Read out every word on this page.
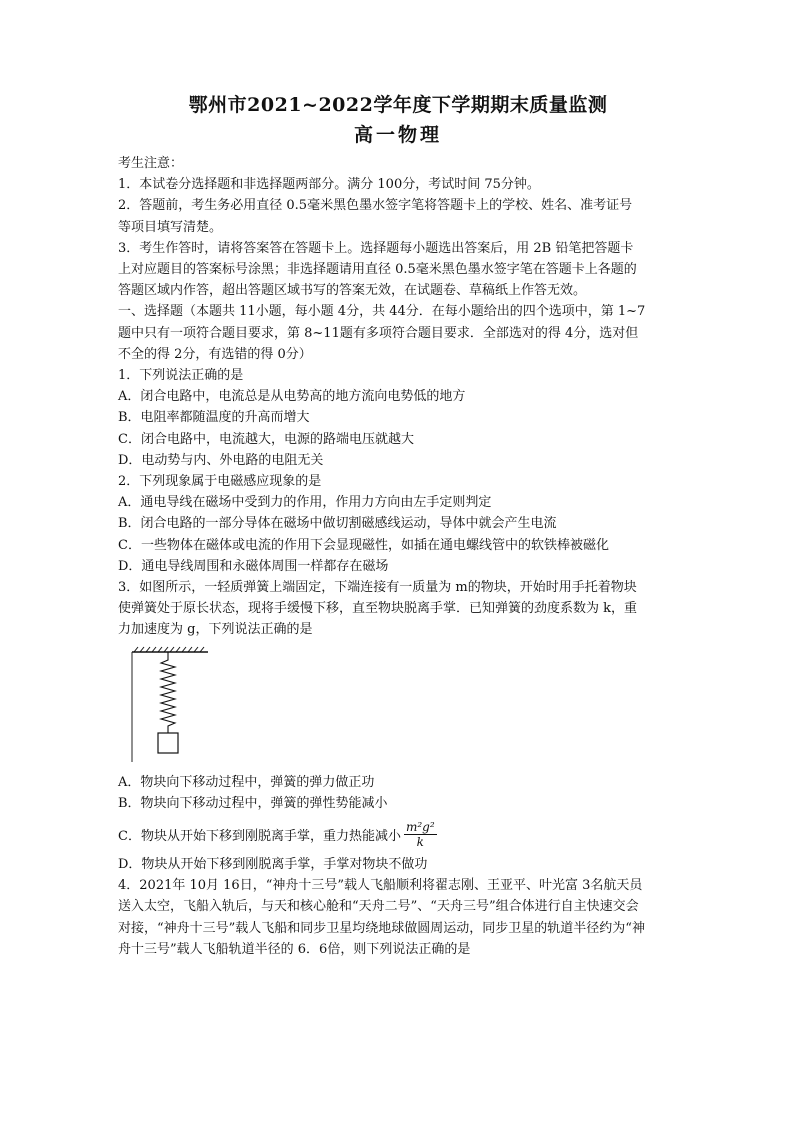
鄂州市2021~2022学年度下学期期末质量监测
高一物理

考生注意：

1．本试卷分选择题和非选择题两部分。满分 100分，考试时间 75分钟。

2．答题前，考生务必用直径 0.5毫米黑色墨水签字笔将答题卡上的学校、姓名、准考证号

等项目填写清楚。

3．考生作答时，请将答案答在答题卡上。选择题每小题选出答案后，用 2B 铅笔把答题卡

上对应题目的答案标号涂黑；非选择题请用直径 0.5毫米黑色墨水签字笔在答题卡上各题的

答题区域内作答，超出答题区域书写的答案无效，在试题卷、草稿纸上作答无效。

一、选择题（本题共 11小题，每小题 4分，共 44分．在每小题给出的四个选项中，第 1~7

题中只有一项符合题目要求，第 8~11题有多项符合题目要求．全部选对的得 4分，选对但

不全的得 2分，有选错的得 0分）

1．下列说法正确的是

A．闭合电路中，电流总是从电势高的地方流向电势低的地方

B．电阻率都随温度的升高而增大

C．闭合电路中，电流越大，电源的路端电压就越大

D．电动势与内、外电路的电阻无关

2．下列现象属于电磁感应现象的是

A．通电导线在磁场中受到力的作用，作用力方向由左手定则判定

B．闭合电路的一部分导体在磁场中做切割磁感线运动，导体中就会产生电流

C．一些物体在磁体或电流的作用下会显现磁性，如插在通电螺线管中的软铁棒被磁化

D．通电导线周围和永磁体周围一样都存在磁场

3．如图所示，一轻质弹簧上端固定，下端连接有一质量为 m的物块，开始时用手托着物块

使弹簧处于原长状态，现将手缓慢下移，直至物块脱离手掌．已知弹簧的劲度系数为 k，重

力加速度为 g，下列说法正确的是

A．物块向下移动过程中，弹簧的弹力做正功

B．物块向下移动过程中，弹簧的弹性势能减小

C．物块从开始下移到刚脱离手掌，重力热能减小 $\frac{\text{m²g²}}{k}$

D．物块从开始下移到刚脱离手掌，手掌对物块不做功

4．2021年 10月 16日，“神舟十三号”载人飞船顺利将翟志刚、王亚平、叶光富 3名航天员

送入太空，飞船入轨后，与天和核心舱和“天舟二号”、“天舟三号”组合体进行自主快速交会

对接，“神舟十三号”载人飞船和同步卫星均绕地球做圆周运动，同步卫星的轨道半径约为“神

舟十三号”载人飞船轨道半径的 6．6倍，则下列说法正确的是
